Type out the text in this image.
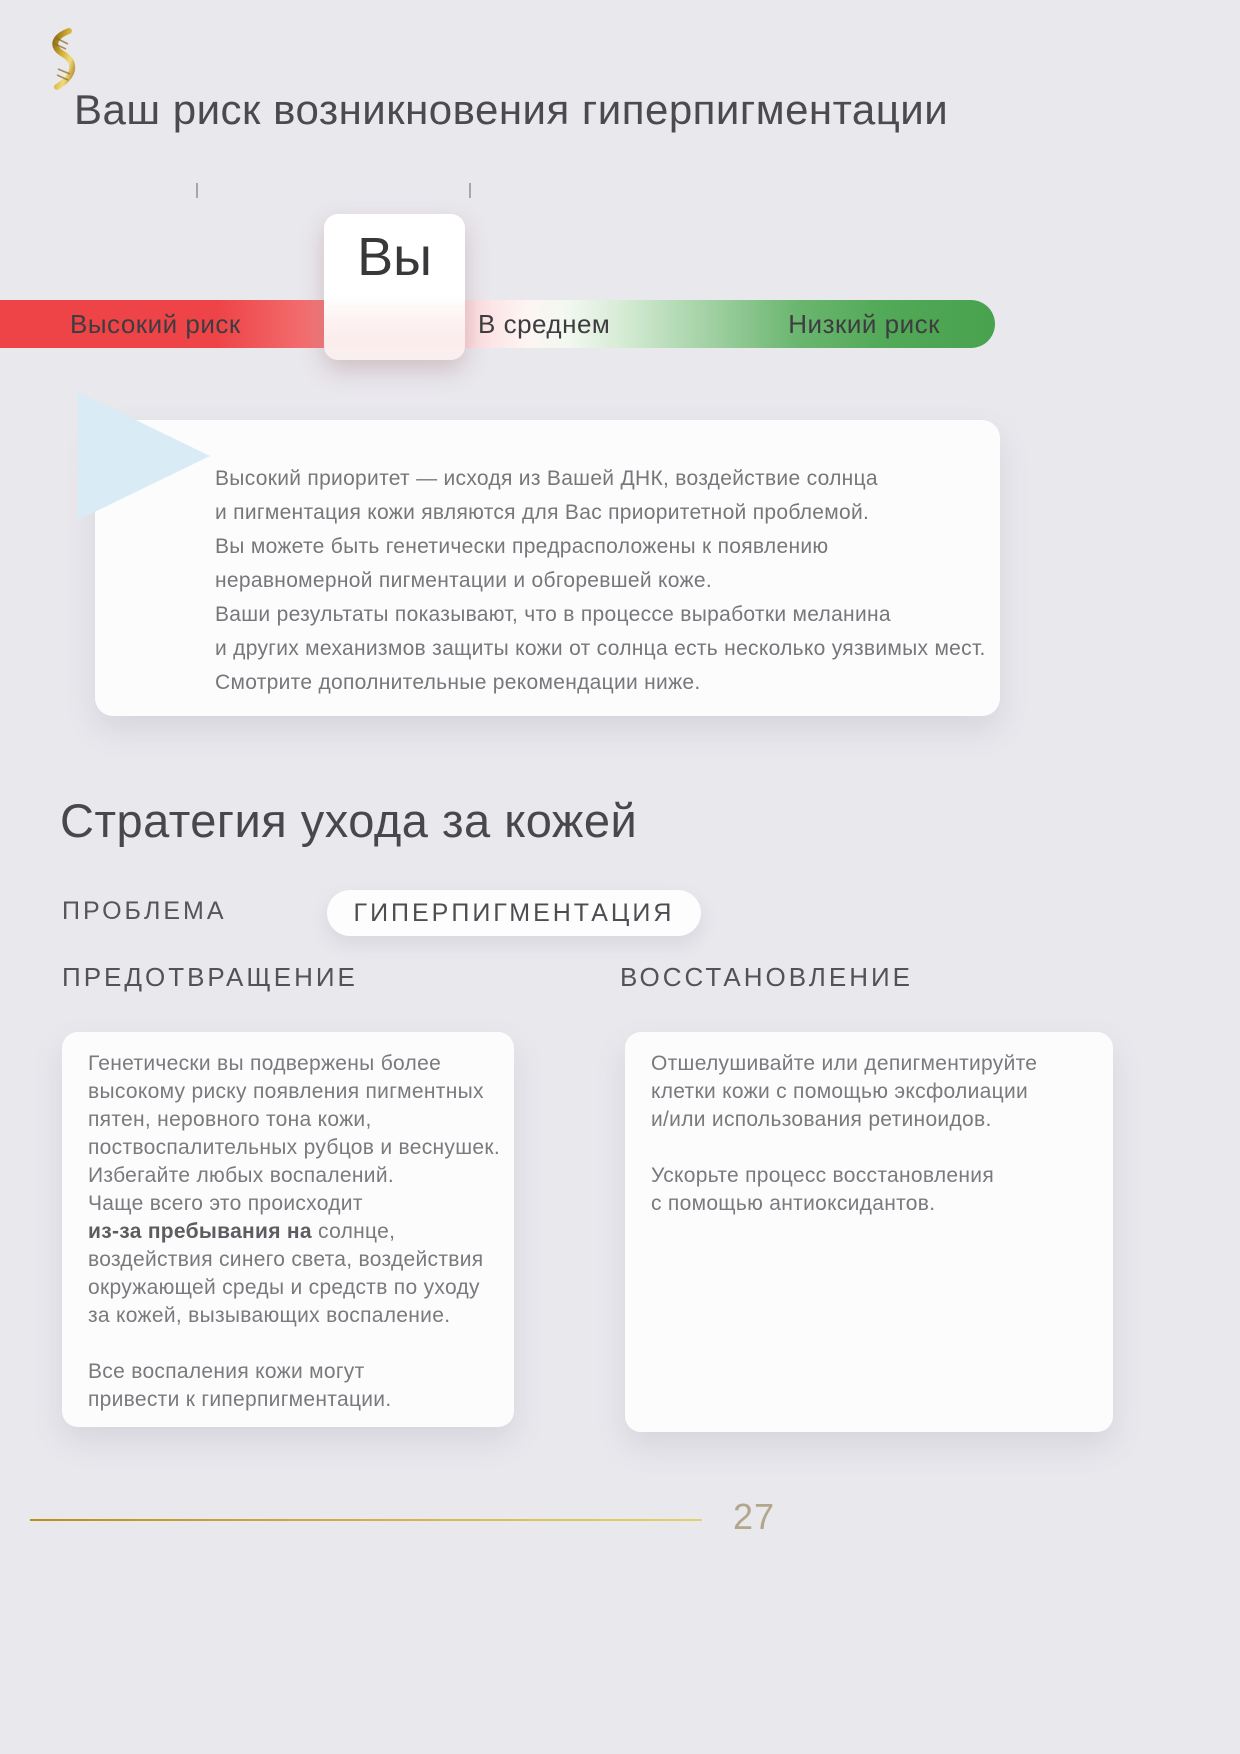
Ваш риск возникновения гиперпигментации
Высокий риск	В среднем	Низкий риск
Вы
Высокий приоритет — исходя из Вашей ДНК, воздействие солнца
и пигментация кожи являются для Вас приоритетной проблемой.
Вы можете быть генетически предрасположены к появлению
неравномерной пигментации и обгоревшей коже.
Ваши результаты показывают, что в процессе выработки меланина
и других механизмов защиты кожи от солнца есть несколько уязвимых мест.
Смотрите дополнительные рекомендации ниже.
Стратегия ухода за кожей
ПРОБЛЕМА	ГИПЕРПИГМЕНТАЦИЯ
ПРЕДОТВРАЩЕНИЕ	ВОССТАНОВЛЕНИЕ
Генетически вы подвержены более
высокому риску появления пигментных
пятен, неровного тона кожи,
поствоспалительных рубцов и веснушек.
Избегайте любых воспалений.
Чаще всего это происходит
из-за пребывания на солнце,
воздействия синего света, воздействия
окружающей среды и средств по уходу
за кожей, вызывающих воспаление.

Все воспаления кожи могут
привести к гиперпигментации.
Отшелушивайте или депигментируйте
клетки кожи с помощью эксфолиации
и/или использования ретиноидов.

Ускорьте процесс восстановления
с помощью антиоксидантов.
27
